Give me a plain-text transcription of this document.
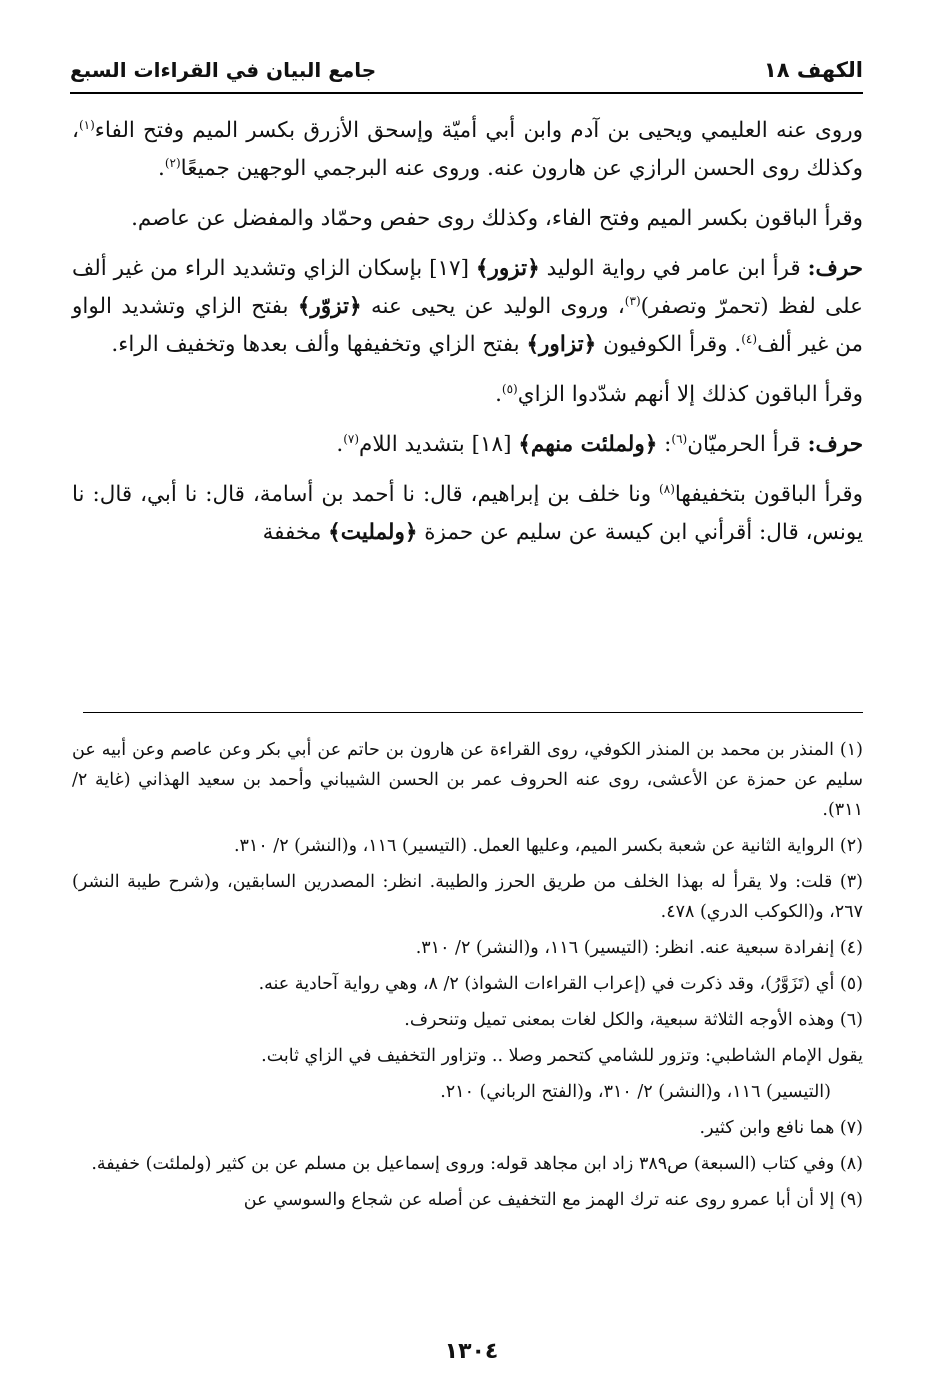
الكهف ١٨
جامع البيان في القراءات السبع

وروى عنه العليمي ويحيى بن آدم وابن أبي أميّة وإسحق الأزرق بكسر الميم وفتح الفاء$^{(١)}$، وكذلك روى الحسن الرازي عن هارون عنه. وروى عنه البرجمي الوجهين جميعًا$^{(٢)}$.

وقرأ الباقون بكسر الميم وفتح الفاء، وكذلك روى حفص وحمّاد والمفضل عن عاصم.

حرف: قرأ ابن عامر في رواية الوليد ﴿تزور﴾ [١٧] بإسكان الزاي وتشديد الراء من غير ألف على لفظ (تحمرّ وتصفر)$^{(٣)}$، وروى الوليد عن يحيى عنه ﴿تزوّر﴾ بفتح الزاي وتشديد الواو من غير ألف$^{(٤)}$. وقرأ الكوفيون ﴿تزاور﴾ بفتح الزاي وتخفيفها وألف بعدها وتخفيف الراء.

وقرأ الباقون كذلك إلا أنهم شدّدوا الزاي$^{(٥)}$.

حرف: قرأ الحرميّان$^{(٦)}$: ﴿ولملئت منهم﴾ [١٨] بتشديد اللام$^{(٧)}$.

وقرأ الباقون بتخفيفها$^{(٨)}$ ونا خلف بن إبراهيم، قال: نا أحمد بن أسامة، قال: نا أبي، قال: نا يونس، قال: أقرأني ابن كيسة عن سليم عن حمزة ﴿ولمليت﴾ مخففة

(١) المنذر بن محمد بن المنذر الكوفي، روى القراءة عن هارون بن حاتم عن أبي بكر وعن عاصم وعن أبيه عن سليم عن حمزة عن الأعشى، روى عنه الحروف عمر بن الحسن الشيباني وأحمد بن سعيد الهذاني (غاية ٢/ ٣١١).

(٢) الرواية الثانية عن شعبة بكسر الميم، وعليها العمل. (التيسير) ١١٦، و(النشر) ٢/ ٣١٠.

(٣) قلت: ولا يقرأ له بهذا الخلف من طريق الحرز والطيبة. انظر: المصدرين السابقين، و(شرح طيبة النشر) ٢٦٧، و(الكوكب الدري) ٤٧٨.

(٤) إنفرادة سبعية عنه. انظر: (التيسير) ١١٦، و(النشر) ٢/ ٣١٠.

(٥) أي (تَزَوَّرُ)، وقد ذكرت في (إعراب القراءات الشواذ) ٢/ ٨، وهي رواية آحادية عنه.

(٦) وهذه الأوجه الثلاثة سبعية، والكل لغات بمعنى تميل وتنحرف.

يقول الإمام الشاطبي: وتزور للشامي كتحمر وصلا .. وتزاور التخفيف في الزاي ثابت.

(التيسير) ١١٦، و(النشر) ٢/ ٣١٠، و(الفتح الرباني) ٢١٠.

(٧) هما نافع وابن كثير.

(٨) وفي كتاب (السبعة) ص٣٨٩ زاد ابن مجاهد قوله: وروى إسماعيل بن مسلم عن بن كثير (ولملئت) خفيفة.

(٩) إلا أن أبا عمرو روى عنه ترك الهمز مع التخفيف عن أصله عن شجاع والسوسي عن

١٣٠٤
